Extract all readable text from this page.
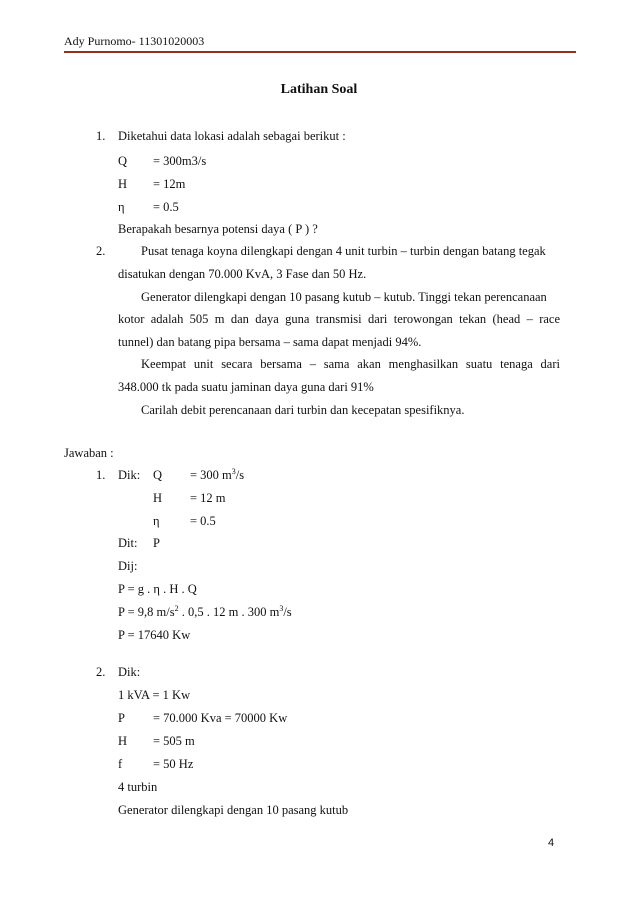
Ady Purnomo- 11301020003
Latihan Soal
1. Diketahui data lokasi adalah sebagai berikut :
Q = 300m3/s
H = 12m
η = 0.5
Berapakah besarnya potensi daya ( P ) ?
2.	Pusat tenaga koyna dilengkapi dengan 4 unit turbin – turbin dengan batang tegak
disatukan dengan 70.000 KvA, 3 Fase dan 50 Hz.
Generator dilengkapi dengan 10 pasang kutub – kutub. Tinggi tekan perencanaan
kotor adalah 505 m dan daya guna transmisi dari terowongan tekan (head – race
tunnel) dan batang pipa bersama – sama dapat menjadi 94%.
Keempat unit secara bersama – sama akan menghasilkan suatu tenaga dari
348.000 tk pada suatu jaminan daya guna dari 91%
Carilah debit perencanaan dari turbin dan kecepatan spesifiknya.
Jawaban :
1. Dik: Q = 300 $m^3/s$
H = 12 m
η = 0.5
Dit: P
Dij:
P = g . η . H . Q
P = 9,8 $m/s^2$ . 0,5 . 12 m . 300 $m^3/s$
P = 17640 Kw
2. Dik:
1 kVA = 1 Kw
P = 70.000 Kva = 70000 Kw
H = 505 m
f = 50 Hz
4 turbin
Generator dilengkapi dengan 10 pasang kutub
4
